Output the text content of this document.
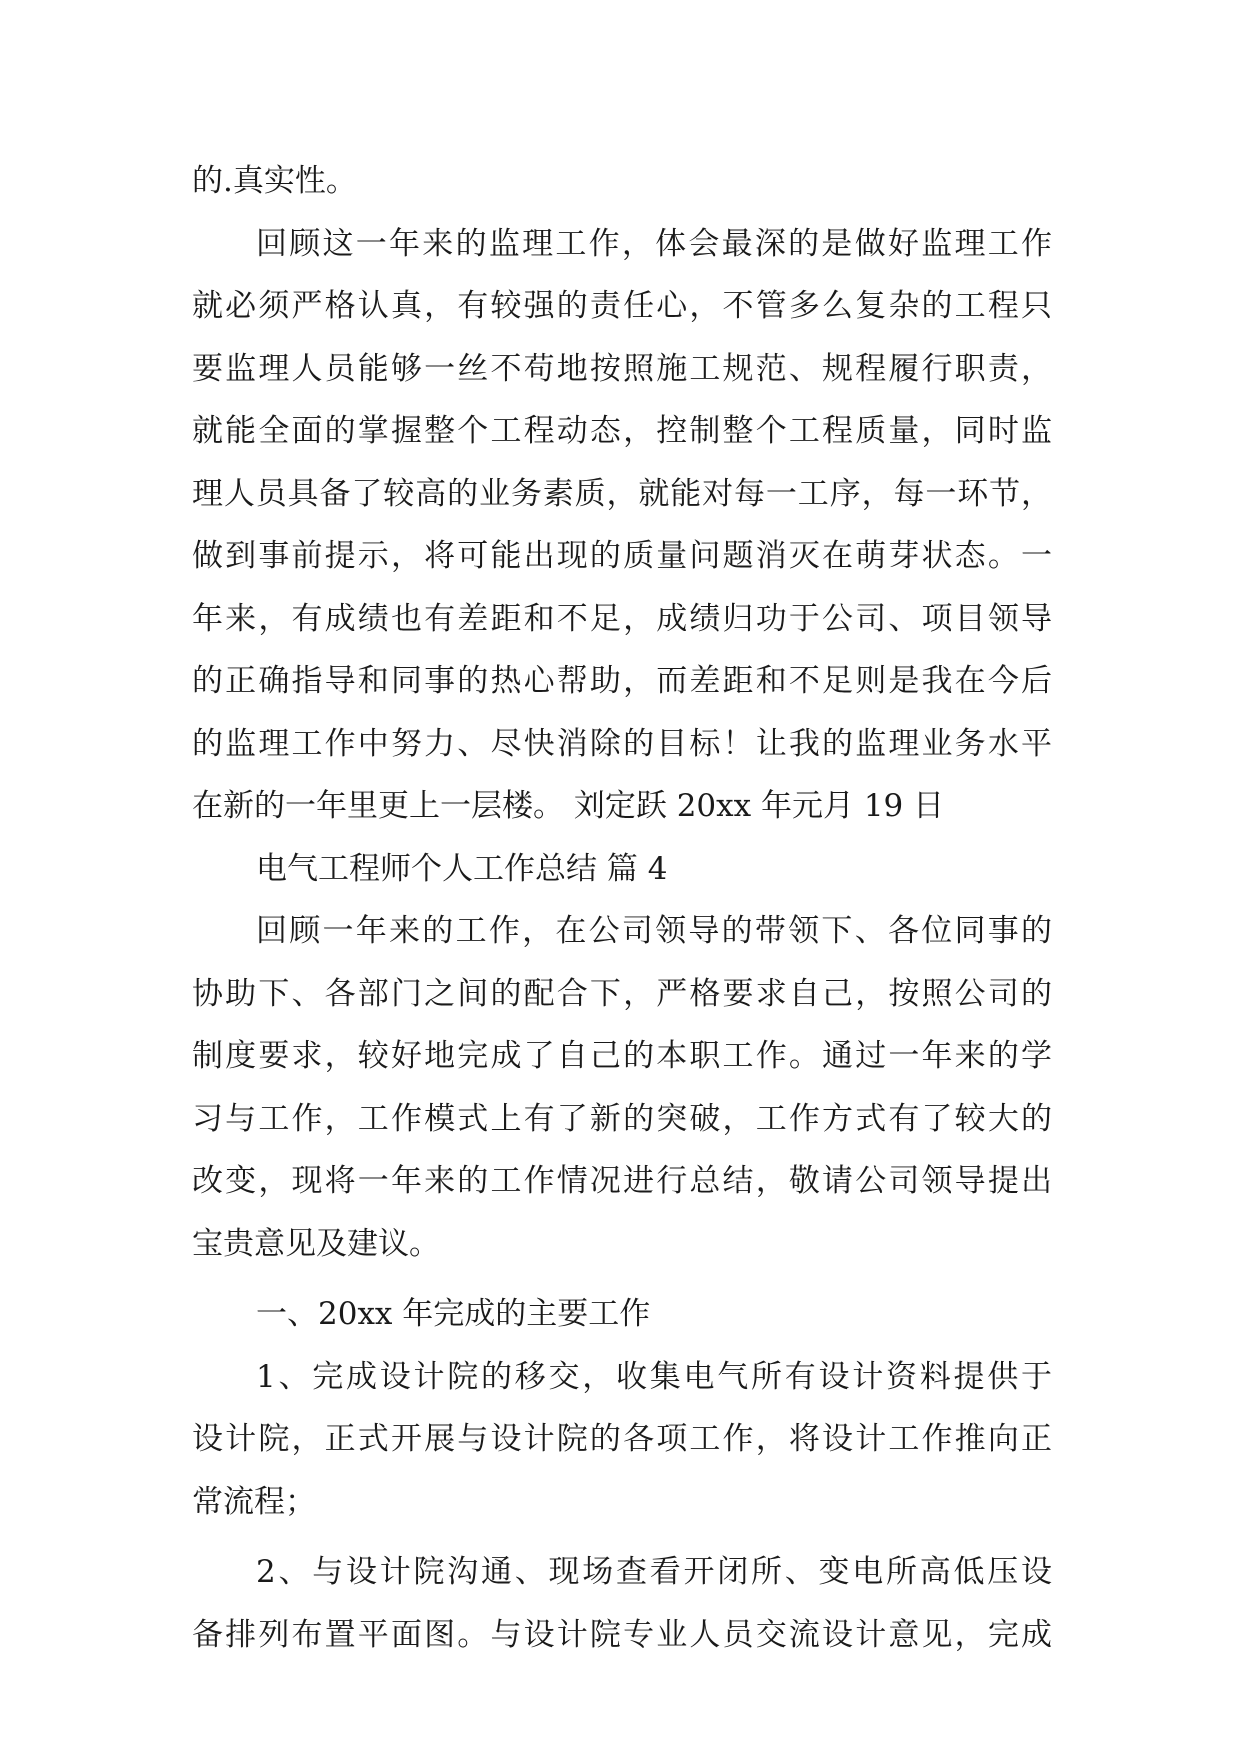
的.真实性。
回顾这一年来的监理工作，体会最深的是做好监理工作
就必须严格认真，有较强的责任心，不管多么复杂的工程只
要监理人员能够一丝不苟地按照施工规范、规程履行职责，
就能全面的掌握整个工程动态，控制整个工程质量，同时监
理人员具备了较高的业务素质，就能对每一工序，每一环节，
做到事前提示，将可能出现的质量问题消灭在萌芽状态。一
年来，有成绩也有差距和不足，成绩归功于公司、项目领导
的正确指导和同事的热心帮助，而差距和不足则是我在今后
的监理工作中努力、尽快消除的目标！让我的监理业务水平
在新的一年里更上一层楼。 刘定跃 20xx 年元月 19 日
电气工程师个人工作总结 篇 4
回顾一年来的工作，在公司领导的带领下、各位同事的
协助下、各部门之间的配合下，严格要求自己，按照公司的
制度要求，较好地完成了自己的本职工作。通过一年来的学
习与工作，工作模式上有了新的突破，工作方式有了较大的
改变，现将一年来的工作情况进行总结，敬请公司领导提出
宝贵意见及建议。
一、20xx 年完成的主要工作
1、完成设计院的移交，收集电气所有设计资料提供于
设计院，正式开展与设计院的各项工作，将设计工作推向正
常流程；
2、与设计院沟通、现场查看开闭所、变电所高低压设
备排列布置平面图。与设计院专业人员交流设计意见，完成
